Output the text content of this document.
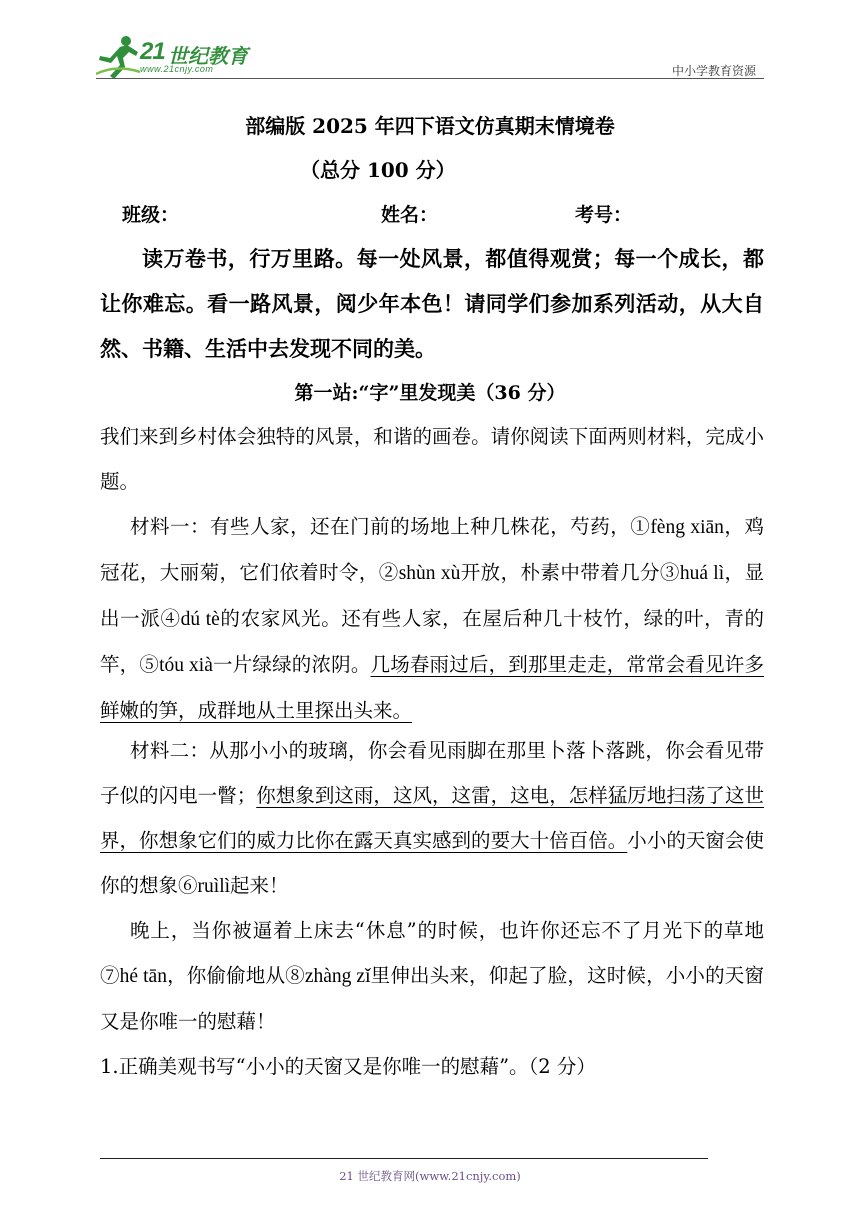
21 世纪教育
www.21cnjy.com	中小学教育资源
部编版 2025 年四下语文仿真期末情境卷
（总分 100 分）
班级：	姓名：	考号：

读万卷书，行万里路。每一处风景，都值得观赏；每一个成长，都让你难忘。看一路风景，阅少年本色！请同学们参加系列活动，从大自然、书籍、生活中去发现不同的美。

第一站:“字”里发现美（36 分）

我们来到乡村体会独特的风景，和谐的画卷。请你阅读下面两则材料，完成小题。

材料一：有些人家，还在门前的场地上种几株花，芍药，①fèng xiān，鸡冠花，大丽菊，它们依着时令，②shùn xù开放，朴素中带着几分③huá lì，显出一派④dú tè的农家风光。还有些人家，在屋后种几十枝竹，绿的叶，青的竿，⑤tóu xià一片绿绿的浓阴。几场春雨过后，到那里走走，常常会看见许多鲜嫩的笋，成群地从土里探出头来。

材料二：从那小小的玻璃，你会看见雨脚在那里卜落卜落跳，你会看见带子似的闪电一瞥；你想象到这雨，这风，这雷，这电，怎样猛厉地扫荡了这世界，你想象它们的威力比你在露天真实感到的要大十倍百倍。小小的天窗会使你的想象⑥ruìlì起来！

晚上，当你被逼着上床去“休息”的时候，也许你还忘不了月光下的草地⑦hé tān，你偷偷地从⑧zhàng zǐ里伸出头来，仰起了脸，这时候，小小的天窗又是你唯一的慰藉！

1.正确美观书写“小小的天窗又是你唯一的慰藉”。（2 分）

21 世纪教育网(www.21cnjy.com)
